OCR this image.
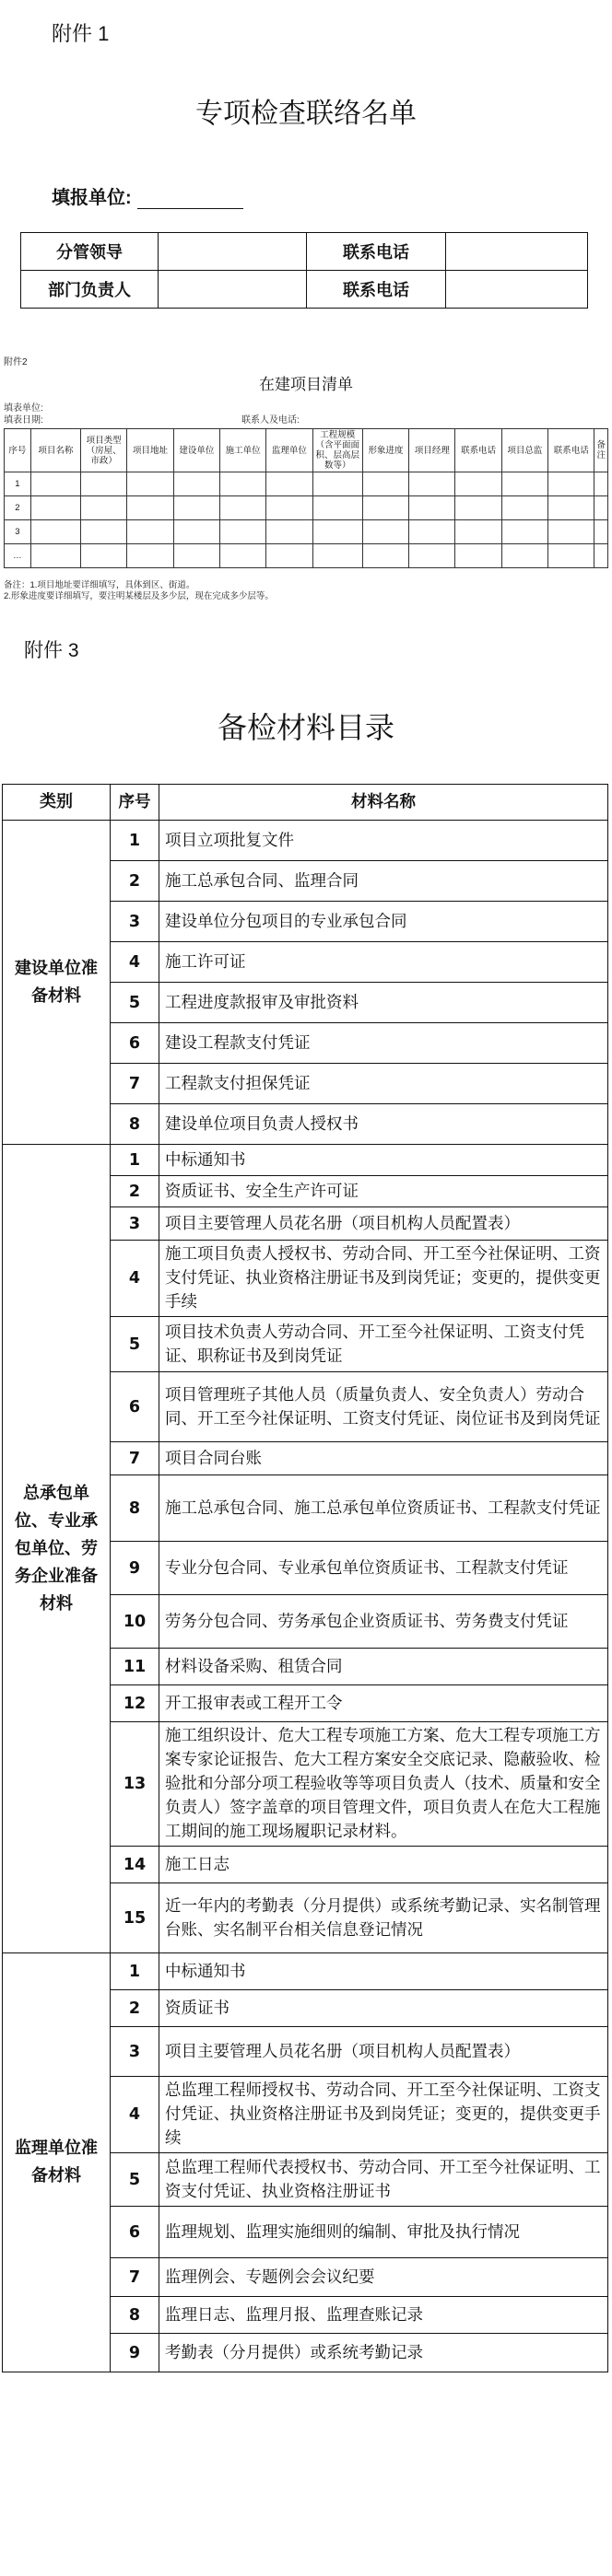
附件 1
专项检查联络名单
填报单位:
分管领导		联系电话	
部门负责人		联系电话	
附件2
在建项目清单
填表单位:
填表日期:	联系人及电话:
序号	项目名称	项目类型（房屋、市政）	项目地址	建设单位	施工单位	监理单位	工程规模（含平面面积、层高层数等）	形象进度	项目经理	联系电话	项目总监	联系电话	备注
1													
2													
3													
…													
备注：1.项目地址要详细填写，具体到区、街道。
2.形象进度要详细填写，要注明某楼层及多少层，现在完成多少层等。
附件 3
备检材料目录
类别	序号	材料名称
建设单位准备材料	1	项目立项批复文件
	2	施工总承包合同、监理合同
	3	建设单位分包项目的专业承包合同
	4	施工许可证
	5	工程进度款报审及审批资料
	6	建设工程款支付凭证
	7	工程款支付担保凭证
	8	建设单位项目负责人授权书
总承包单位、专业承包单位、劳务企业准备材料	1	中标通知书
	2	资质证书、安全生产许可证
	3	项目主要管理人员花名册（项目机构人员配置表）
	4	施工项目负责人授权书、劳动合同、开工至今社保证明、工资支付凭证、执业资格注册证书及到岗凭证；变更的，提供变更手续
	5	项目技术负责人劳动合同、开工至今社保证明、工资支付凭证、职称证书及到岗凭证
	6	项目管理班子其他人员（质量负责人、安全负责人）劳动合同、开工至今社保证明、工资支付凭证、岗位证书及到岗凭证
	7	项目合同台账
	8	施工总承包合同、施工总承包单位资质证书、工程款支付凭证
	9	专业分包合同、专业承包单位资质证书、工程款支付凭证
	10	劳务分包合同、劳务承包企业资质证书、劳务费支付凭证
	11	材料设备采购、租赁合同
	12	开工报审表或工程开工令
	13	施工组织设计、危大工程专项施工方案、危大工程专项施工方案专家论证报告、危大工程方案安全交底记录、隐蔽验收、检验批和分部分项工程验收等等项目负责人（技术、质量和安全负责人）签字盖章的项目管理文件，项目负责人在危大工程施工期间的施工现场履职记录材料。
	14	施工日志
	15	近一年内的考勤表（分月提供）或系统考勤记录、实名制管理台账、实名制平台相关信息登记情况
监理单位准备材料	1	中标通知书
	2	资质证书
	3	项目主要管理人员花名册（项目机构人员配置表）
	4	总监理工程师授权书、劳动合同、开工至今社保证明、工资支付凭证、执业资格注册证书及到岗凭证；变更的，提供变更手续
	5	总监理工程师代表授权书、劳动合同、开工至今社保证明、工资支付凭证、执业资格注册证书
	6	监理规划、监理实施细则的编制、审批及执行情况
	7	监理例会、专题例会会议纪要
	8	监理日志、监理月报、监理查账记录
	9	考勤表（分月提供）或系统考勤记录
